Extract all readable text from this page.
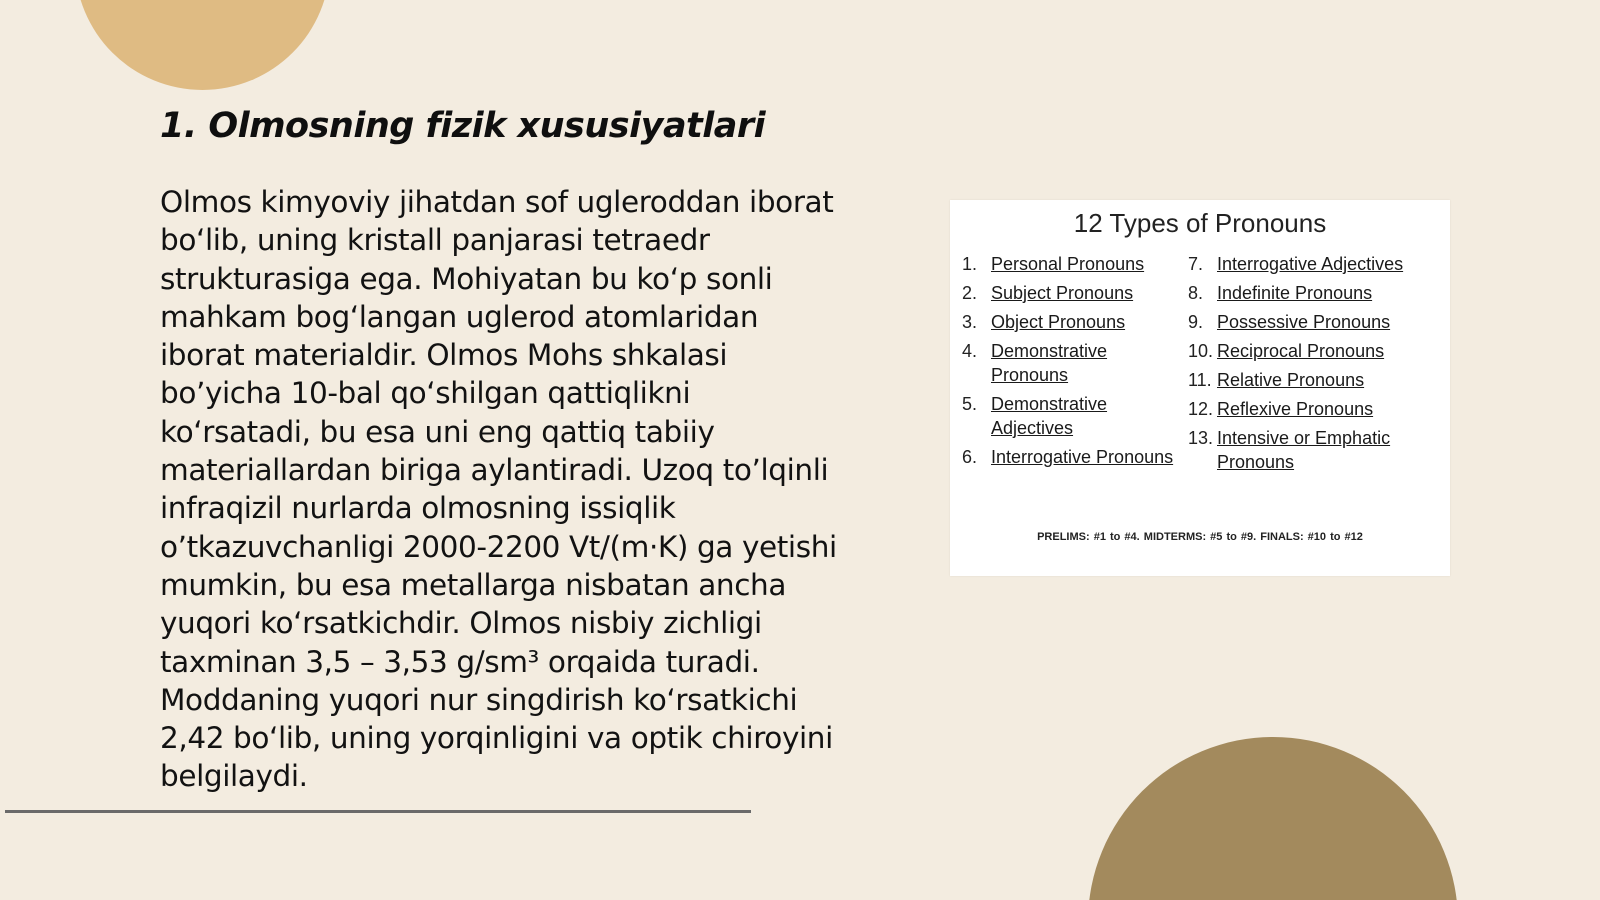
1. Olmosning fizik xususiyatlari

Olmos kimyoviy jihatdan sof ugleroddan iborat bo‘lib, uning kristall panjarasi tetraedr strukturasiga ega. Mohiyatan bu ko‘p sonli mahkam bog‘langan uglerod atomlaridan iborat materialdir. Olmos Mohs shkalasi bo’yicha 10-bal qo‘shilgan qattiqlikni ko‘rsatadi, bu esa uni eng qattiq tabiiy materiallardan biriga aylantiradi. Uzoq to’lqinli infraqizil nurlarda olmosning issiqlik o’tkazuvchanligi 2000-2200 Vt/(m·K) ga yetishi mumkin, bu esa metallarga nisbatan ancha yuqori ko‘rsatkichdir. Olmos nisbiy zichligi taxminan 3,5 – 3,53 g/sm³ orqaida turadi. Moddaning yuqori nur singdirish ko‘rsatkichi 2,42 bo‘lib, uning yorqinligini va optik chiroyini belgilaydi.

12 Types of Pronouns
1. Personal Pronouns
2. Subject Pronouns
3. Object Pronouns
4. Demonstrative Pronouns
5. Demonstrative Adjectives
6. Interrogative Pronouns
7. Interrogative Adjectives
8. Indefinite Pronouns
9. Possessive Pronouns
10. Reciprocal Pronouns
11. Relative Pronouns
12. Reflexive Pronouns
13. Intensive or Emphatic Pronouns
PRELIMS: #1 to #4. MIDTERMS: #5 to #9. FINALS: #10 to #12
